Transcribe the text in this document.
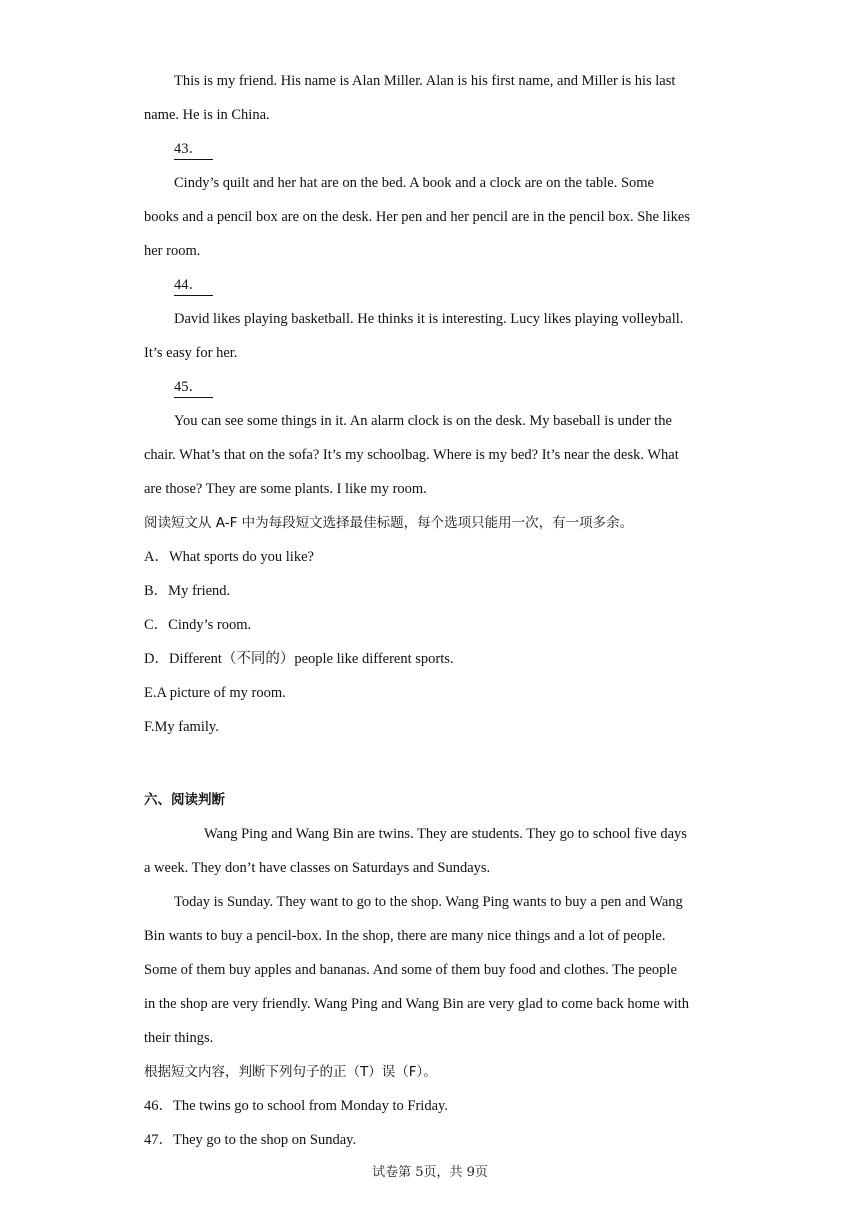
This is my friend. His name is Alan Miller. Alan is his first name, and Miller is his last
name. He is in China.
43．
Cindy’s quilt and her hat are on the bed. A book and a clock are on the table. Some
books and a pencil box are on the desk. Her pen and her pencil are in the pencil box. She likes
her room.
44．
David likes playing basketball. He thinks it is interesting. Lucy likes playing volleyball.
It’s easy for her.
45．
You can see some things in it. An alarm clock is on the desk. My baseball is under the
chair. What’s that on the sofa? It’s my schoolbag. Where is my bed? It’s near the desk. What
are those? They are some plants. I like my room.
阅读短文从 A-F 中为每段短文选择最佳标题，每个选项只能用一次，有一项多余。
A．What sports do you like?
B．My friend.
C．Cindy’s room.
D．Different（不同的）people like different sports.
E.A picture of my room.
F.My family.
六、阅读判断
Wang Ping and Wang Bin are twins. They are students. They go to school five days
a week. They don’t have classes on Saturdays and Sundays.
Today is Sunday. They want to go to the shop. Wang Ping wants to buy a pen and Wang
Bin wants to buy a pencil-box. In the shop, there are many nice things and a lot of people.
Some of them buy apples and bananas. And some of them buy food and clothes. The people
in the shop are very friendly. Wang Ping and Wang Bin are very glad to come back home with
their things.
根据短文内容，判断下列句子的正（T）误（F）。
46．The twins go to school from Monday to Friday.
47．They go to the shop on Sunday.
试卷第 5页，共 9页
